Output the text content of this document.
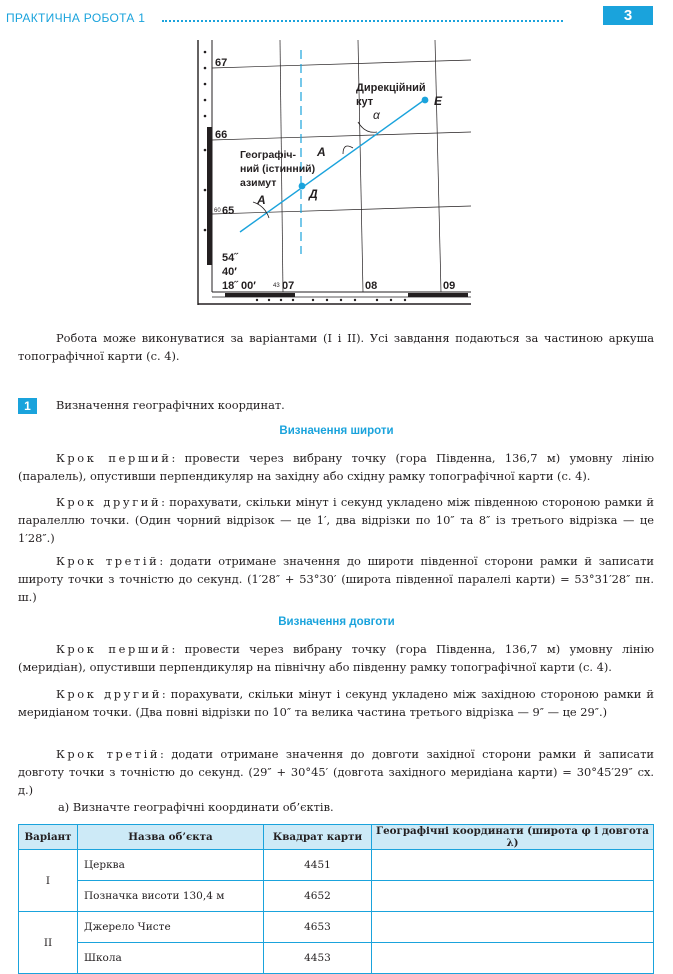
ПРАКТИЧНА РОБОТА 1	3
67
66
60 65
54˝
40′
18˝ 00′	43 07	08	09
Дирекційний
кут
α
Е
Д
Географіч-
ний (істинний)
азимут
А
А
Робота може виконуватися за варіантами (І і ІІ). Усі завдання подаються за частиною аркуша топографічної карти (с. 4).
1	Визначення географічних координат.
Визначення широти
Крок перший: провести через вибрану точку (гора Південна, 136,7 м) умовну лінію (паралель), опустивши перпендикуляр на західну або східну рамку топографічної карти (с. 4).
Крок другий: порахувати, скільки мінут і секунд укладено між південною стороною рамки й паралеллю точки. (Один чорний відрізок — це 1′, два відрізки по 10″ та 8″ із третього відрізка — це 1′28″.)
Крок третій: додати отримане значення до широти південної сторони рамки й записати широту точки з точністю до секунд. (1′28″ + 53°30′ (широта південної паралелі карти) = 53°31′28″ пн. ш.)
Визначення довготи
Крок перший: провести через вибрану точку (гора Південна, 136,7 м) умовну лінію (меридіан), опустивши перпендикуляр на північну або південну рамку топографічної карти (с. 4).
Крок другий: порахувати, скільки мінут і секунд укладено між західною стороною рамки й меридіаном точки. (Два повні відрізки по 10″ та велика частина третього відрізка — 9″ — це 29″.)
Крок третій: додати отримане значення до довготи західної сторони рамки й записати довготу точки з точністю до секунд. (29″ + 30°45′ (довгота західного меридіана карти) = 30°45′29″ сх. д.)
а) Визначте географічні координати об’єктів.
Варіант	Назва об’єкта	Квадрат карти	Географічні координати (широта φ і довгота λ)
І	Церква	4451	
	Позначка висоти 130,4 м	4652	
ІІ	Джерело Чисте	4653	
	Школа	4453	
